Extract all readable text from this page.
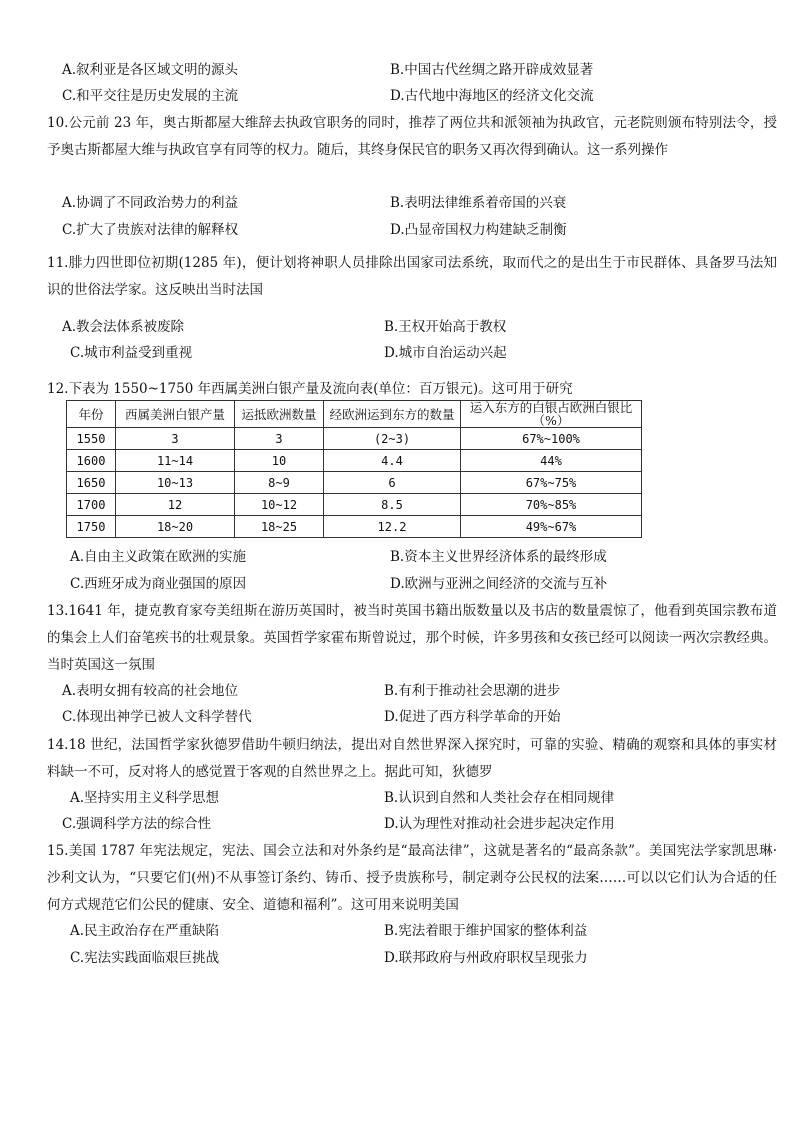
A.叙利亚是各区域文明的源头	B.中国古代丝绸之路开辟成效显著
C.和平交往是历史发展的主流	D.古代地中海地区的经济文化交流
10.公元前 23 年，奥古斯都屋大维辞去执政官职务的同时，推荐了两位共和派领袖为执政官，元老院则颁布特别法令，授予奥古斯都屋大维与执政官享有同等的权力。随后，其终身保民官的职务又再次得到确认。这一系列操作
A.协调了不同政治势力的利益	B.表明法律维系着帝国的兴衰
C.扩大了贵族对法律的解释权	D.凸显帝国权力构建缺乏制衡
11.腓力四世即位初期(1285 年)，便计划将神职人员排除出国家司法系统，取而代之的是出生于市民群体、具备罗马法知识的世俗法学家。这反映出当时法国
A.教会法体系被废除	B.王权开始高于教权
C.城市利益受到重视	D.城市自治运动兴起
12.下表为 1550~1750 年西属美洲白银产量及流向表(单位：百万银元)。这可用于研究
年份	西属美洲白银产量	运抵欧洲数量	经欧洲运到东方的数量	运入东方的白银占欧洲白银比（%）
1550	3	3	(2~3)	67%~100%
1600	11~14	10	4.4	44%
1650	10~13	8~9	6	67%~75%
1700	12	10~12	8.5	70%~85%
1750	18~20	18~25	12.2	49%~67%
A.自由主义政策在欧洲的实施	B.资本主义世界经济体系的最终形成
C.西班牙成为商业强国的原因	D.欧洲与亚洲之间经济的交流与互补
13.1641 年，捷克教育家夸美纽斯在游历英国时，被当时英国书籍出版数量以及书店的数量震惊了，他看到英国宗教布道的集会上人们奋笔疾书的壮观景象。英国哲学家霍布斯曾说过，那个时候，许多男孩和女孩已经可以阅读一两次宗教经典。当时英国这一氛围
A.表明女拥有较高的社会地位	B.有利于推动社会思潮的进步
C.体现出神学已被人文科学替代	D.促进了西方科学革命的开始
14.18 世纪，法国哲学家狄德罗借助牛顿归纳法，提出对自然世界深入探究时，可靠的实验、精确的观察和具体的事实材料缺一不可，反对将人的感觉置于客观的自然世界之上。据此可知，狄德罗
A.坚持实用主义科学思想	B.认识到自然和人类社会存在相同规律
C.强调科学方法的综合性	D.认为理性对推动社会进步起决定作用
15.美国 1787 年宪法规定，宪法、国会立法和对外条约是“最高法律”，这就是著名的“最高条款”。美国宪法学家凯思琳·沙利文认为，“只要它们(州)不从事签订条约、铸币、授予贵族称号，制定剥夺公民权的法案……可以以它们认为合适的任何方式规范它们公民的健康、安全、道德和福利”。这可用来说明美国
A.民主政治存在严重缺陷	B.宪法着眼于维护国家的整体利益
C.宪法实践面临艰巨挑战	D.联邦政府与州政府职权呈现张力
